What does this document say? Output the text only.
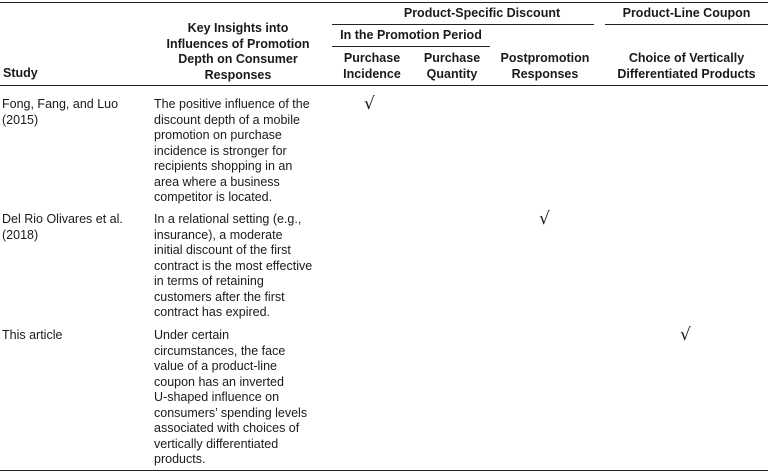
Product-Specific Discount	Product-Line Coupon
Key Insights into
Influences of Promotion
Depth on Consumer
Responses
In the Promotion Period
Purchase
Incidence
Purchase
Quantity
Postpromotion
Responses
Choice of Vertically
Differentiated Products
Study
Fong, Fang, and Luo
(2015)
The positive influence of the
discount depth of a mobile
promotion on purchase
incidence is stronger for
recipients shopping in an
area where a business
competitor is located.
√
Del Rio Olivares et al.
(2018)
In a relational setting (e.g.,
insurance), a moderate
initial discount of the first
contract is the most effective
in terms of retaining
customers after the first
contract has expired.
√
This article	Under certain
circumstances, the face
value of a product-line
coupon has an inverted
U-shaped influence on
consumers’ spending levels
associated with choices of
vertically differentiated
products.
√
